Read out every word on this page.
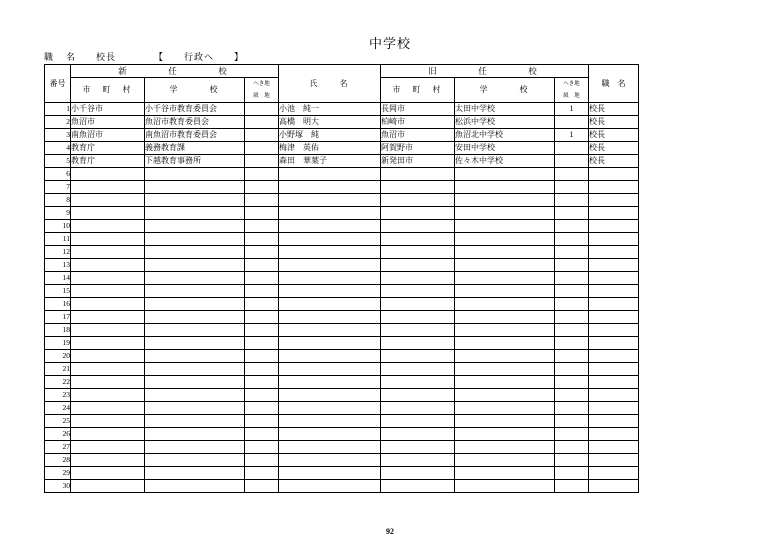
中学校
職　名 校長	【　　行政へ　　】
番号	新　　　任　　　校			氏　　名	旧　　　任　　　校			職　名
	市　町　村	学　　　校	へき地
級　地		市　町　村	学　　　校	へき地
級　地	

1	小千谷市	小千谷市教育委員会		小池　純一	長岡市	太田中学校	1	校長
2	魚沼市	魚沼市教育委員会		高橋　明大	柏崎市	松浜中学校		校長
3	南魚沼市	南魚沼市教育委員会		小野塚　純	魚沼市	魚沼北中学校	1	校長
4	教育庁	義務教育課		梅津　英佑	阿賀野市	安田中学校		校長
5	教育庁	下越教育事務所		森田　華葉子	新発田市	佐々木中学校		校長
6								
7								
8								
9								
10								
11								
12								
13								
14								
15								
16								
17								
18								
19								
20								
21								
22								
23								
24								
25								
26								
27								
28								
29								
30								
92
